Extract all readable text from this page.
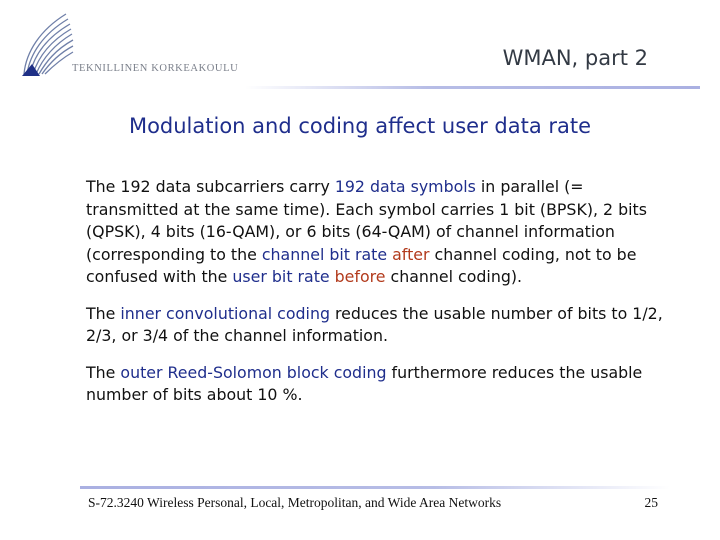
TEKNILLINEN KORKEAKOULU	WMAN, part 2
Modulation and coding affect user data rate

The 192 data subcarriers carry 192 data symbols in parallel (= transmitted at the same time). Each symbol carries 1 bit (BPSK), 2 bits (QPSK), 4 bits (16-QAM), or 6 bits (64-QAM) of channel information (corresponding to the channel bit rate after channel coding, not to be confused with the user bit rate before channel coding).

The inner convolutional coding reduces the usable number of bits to 1/2, 2/3, or 3/4 of the channel information.

The outer Reed-Solomon block coding furthermore reduces the usable number of bits about 10 %.

S-72.3240 Wireless Personal, Local, Metropolitan, and Wide Area Networks	25
